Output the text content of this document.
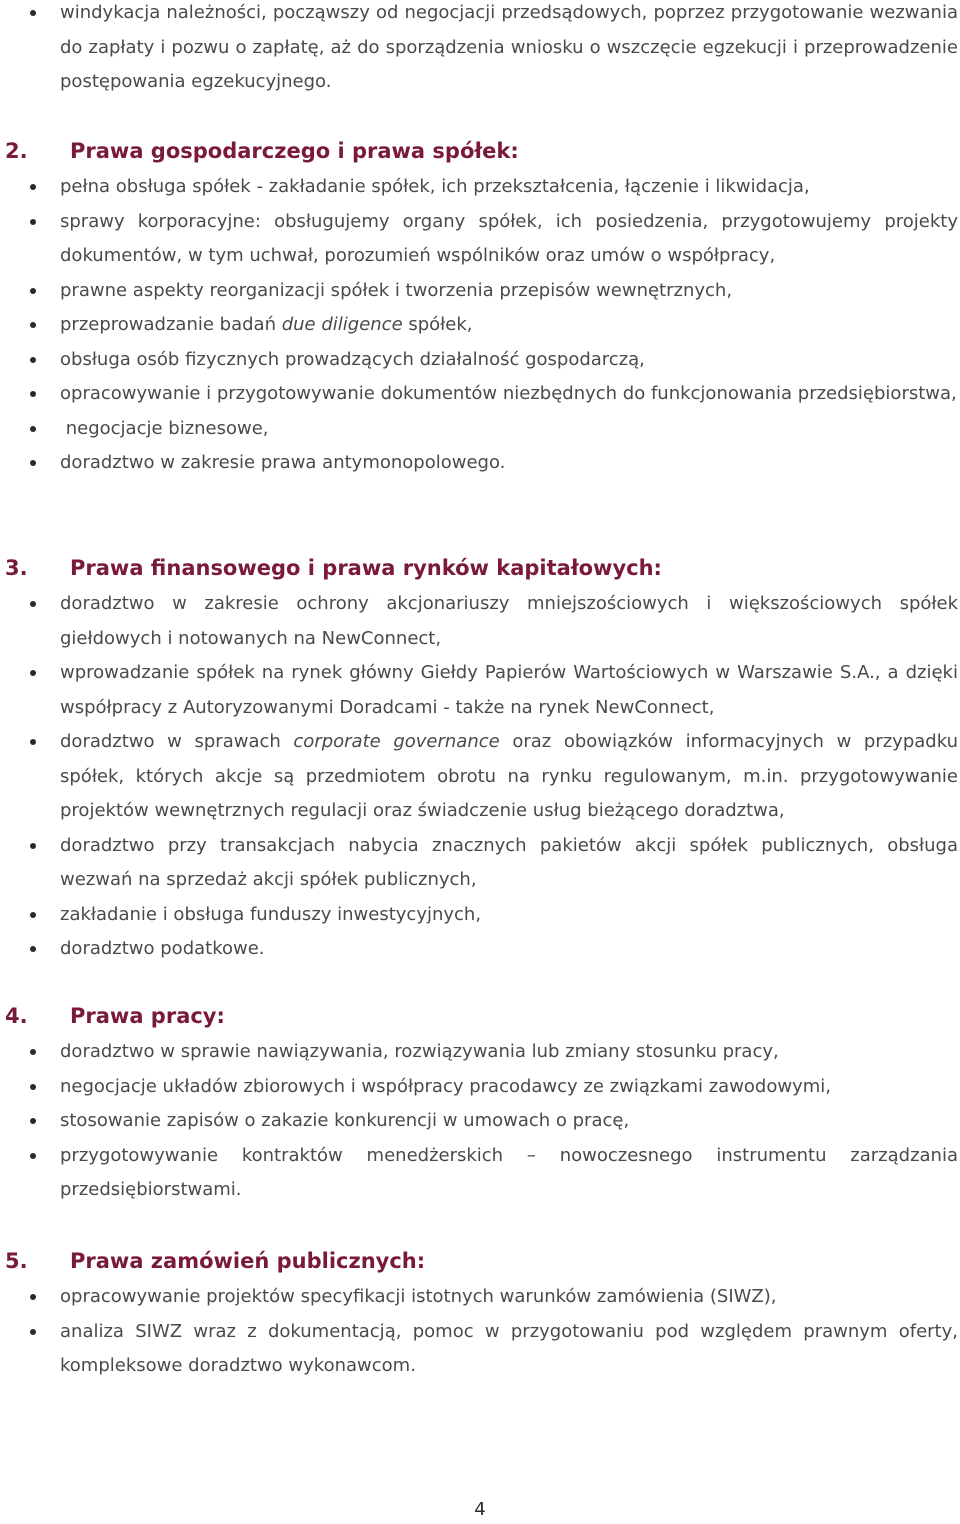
windykacja należności, począwszy od negocjacji przedsądowych, poprzez przygotowanie wezwania do zapłaty i pozwu o zapłatę, aż do sporządzenia wniosku o wszczęcie egzekucji i przeprowadzenie postępowania egzekucyjnego.
2. Prawa gospodarczego i prawa spółek:
pełna obsługa spółek - zakładanie spółek, ich przekształcenia, łączenie i likwidacja,
sprawy korporacyjne: obsługujemy organy spółek, ich posiedzenia, przygotowujemy projekty dokumentów, w tym uchwał, porozumień wspólników oraz umów o współpracy,
prawne aspekty reorganizacji spółek i tworzenia przepisów wewnętrznych,
przeprowadzanie badań due diligence spółek,
obsługa osób fizycznych prowadzących działalność gospodarczą,
opracowywanie i przygotowywanie dokumentów niezbędnych do funkcjonowania przedsiębiorstwa,
negocjacje biznesowe,
doradztwo w zakresie prawa antymonopolowego.
3. Prawa finansowego i prawa rynków kapitałowych:
doradztwo w zakresie ochrony akcjonariuszy mniejszościowych i większościowych spółek giełdowych i notowanych na NewConnect,
wprowadzanie spółek na rynek główny Giełdy Papierów Wartościowych w Warszawie S.A., a dzięki współpracy z Autoryzowanymi Doradcami - także na rynek NewConnect,
doradztwo w sprawach corporate governance oraz obowiązków informacyjnych w przypadku spółek, których akcje są przedmiotem obrotu na rynku regulowanym, m.in. przygotowywanie projektów wewnętrznych regulacji oraz świadczenie usług bieżącego doradztwa,
doradztwo przy transakcjach nabycia znacznych pakietów akcji spółek publicznych, obsługa wezwań na sprzedaż akcji spółek publicznych,
zakładanie i obsługa funduszy inwestycyjnych,
doradztwo podatkowe.
4. Prawa pracy:
doradztwo w sprawie nawiązywania, rozwiązywania lub zmiany stosunku pracy,
negocjacje układów zbiorowych i współpracy pracodawcy ze związkami zawodowymi,
stosowanie zapisów o zakazie konkurencji w umowach o pracę,
przygotowywanie kontraktów menedżerskich – nowoczesnego instrumentu zarządzania przedsiębiorstwami.
5. Prawa zamówień publicznych:
opracowywanie projektów specyfikacji istotnych warunków zamówienia (SIWZ),
analiza SIWZ wraz z dokumentacją, pomoc w przygotowaniu pod względem prawnym oferty, kompleksowe doradztwo wykonawcom.
4
